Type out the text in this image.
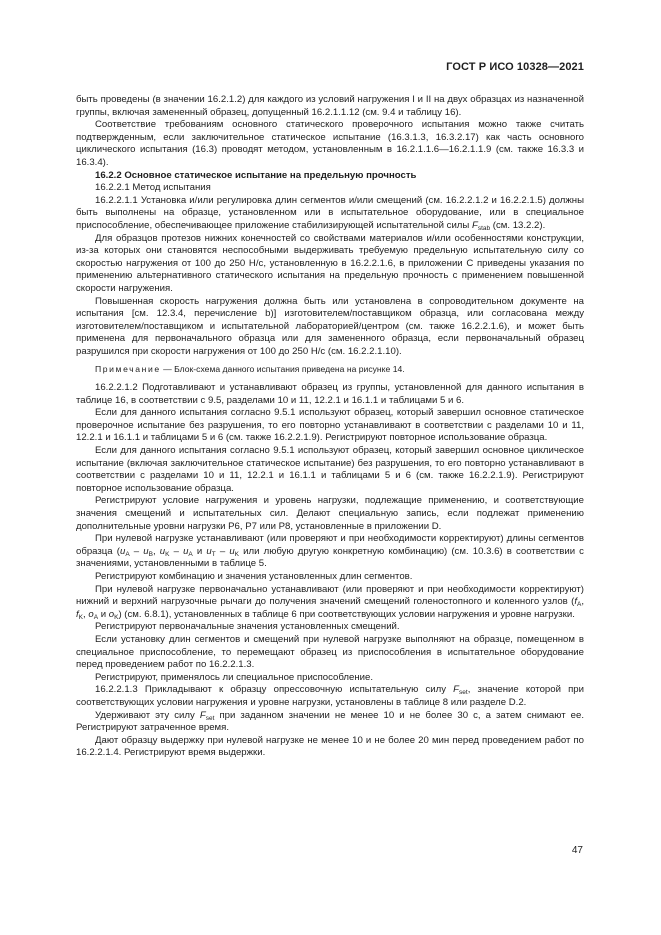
ГОСТ Р ИСО 10328—2021

быть проведены (в значении 16.2.1.2) для каждого из условий нагружения I и II на двух образцах из назначенной группы, включая замененный образец, допущенный 16.2.1.1.12 (см. 9.4 и таблицу 16).

Соответствие требованиям основного статического проверочного испытания можно также считать подтвержденным, если заключительное статическое испытание (16.3.1.3, 16.3.2.17) как часть основного циклического испытания (16.3) проводят методом, установленным в 16.2.1.1.6—16.2.1.1.9 (см. также 16.3.3 и 16.3.4).

16.2.2 Основное статическое испытание на предельную прочность

16.2.2.1 Метод испытания

16.2.2.1.1 Установка и/или регулировка длин сегментов и/или смещений (см. 16.2.2.1.2 и 16.2.2.1.5) должны быть выполнены на образце, установленном или в испытательное оборудование, или в специальное приспособление, обеспечивающее приложение стабилизирующей испытательной силы $F_{stab}$ (см. 13.2.2).

Для образцов протезов нижних конечностей со свойствами материалов и/или особенностями конструкции, из-за которых они становятся неспособными выдерживать требуемую предельную испытательную силу со скоростью нагружения от 100 до 250 Н/с, установленную в 16.2.2.1.6, в приложении С приведены указания по применению альтернативного статического испытания на предельную прочность с применением повышенной скорости нагружения.

Повышенная скорость нагружения должна быть или установлена в сопроводительном документе на испытания [см. 12.3.4, перечисление b)] изготовителем/поставщиком образца, или согласована между изготовителем/поставщиком и испытательной лабораторией/центром (см. также 16.2.2.1.6), и может быть применена для первоначального образца или для замененного образца, если первоначальный образец разрушился при скорости нагружения от 100 до 250 Н/с (см. 16.2.2.1.10).

Примечание — Блок-схема данного испытания приведена на рисунке 14.

16.2.2.1.2 Подготавливают и устанавливают образец из группы, установленной для данного испытания в таблице 16, в соответствии с 9.5, разделами 10 и 11, 12.2.1 и 16.1.1 и таблицами 5 и 6.

Если для данного испытания согласно 9.5.1 используют образец, который завершил основное статическое проверочное испытание без разрушения, то его повторно устанавливают в соответствии с разделами 10 и 11, 12.2.1 и 16.1.1 и таблицами 5 и 6 (см. также 16.2.2.1.9). Регистрируют повторное использование образца.

Если для данного испытания согласно 9.5.1 используют образец, который завершил основное циклическое испытание (включая заключительное статическое испытание) без разрушения, то его повторно устанавливают в соответствии с разделами 10 и 11, 12.2.1 и 16.1.1 и таблицами 5 и 6 (см. также 16.2.2.1.9). Регистрируют повторное использование образца.

Регистрируют условие нагружения и уровень нагрузки, подлежащие применению, и соответствующие значения смещений и испытательных сил. Делают специальную запись, если подлежат применению дополнительные уровни нагрузки Р6, Р7 или Р8, установленные в приложении D.

При нулевой нагрузке устанавливают (или проверяют и при необходимости корректируют) длины сегментов образца ($u_A - u_B$, $u_K - u_A$ и $u_T - u_K$ или любую другую конкретную комбинацию) (см. 10.3.6) в соответствии с значениями, установленными в таблице 5.

Регистрируют комбинацию и значения установленных длин сегментов.

При нулевой нагрузке первоначально устанавливают (или проверяют и при необходимости корректируют) нижний и верхний нагрузочные рычаги до получения значений смещений голеностопного и коленного узлов ($f_A$, $f_K$, $o_A$ и $o_K$) (см. 6.8.1), установленных в таблице 6 при соответствующих условии нагружения и уровне нагрузки.

Регистрируют первоначальные значения установленных смещений.

Если установку длин сегментов и смещений при нулевой нагрузке выполняют на образце, помещенном в специальное приспособление, то перемещают образец из приспособления в испытательное оборудование перед проведением работ по 16.2.2.1.3.

Регистрируют, применялось ли специальное приспособление.

16.2.2.1.3 Прикладывают к образцу опрессовочную испытательную силу $F_{set}$, значение которой при соответствующих условии нагружения и уровне нагрузки, установлены в таблице 8 или разделе D.2.

Удерживают эту силу $F_{set}$ при заданном значении не менее 10 и не более 30 с, а затем снимают ее. Регистрируют затраченное время.

Дают образцу выдержку при нулевой нагрузке не менее 10 и не более 20 мин перед проведением работ по 16.2.2.1.4. Регистрируют время выдержки.

47
